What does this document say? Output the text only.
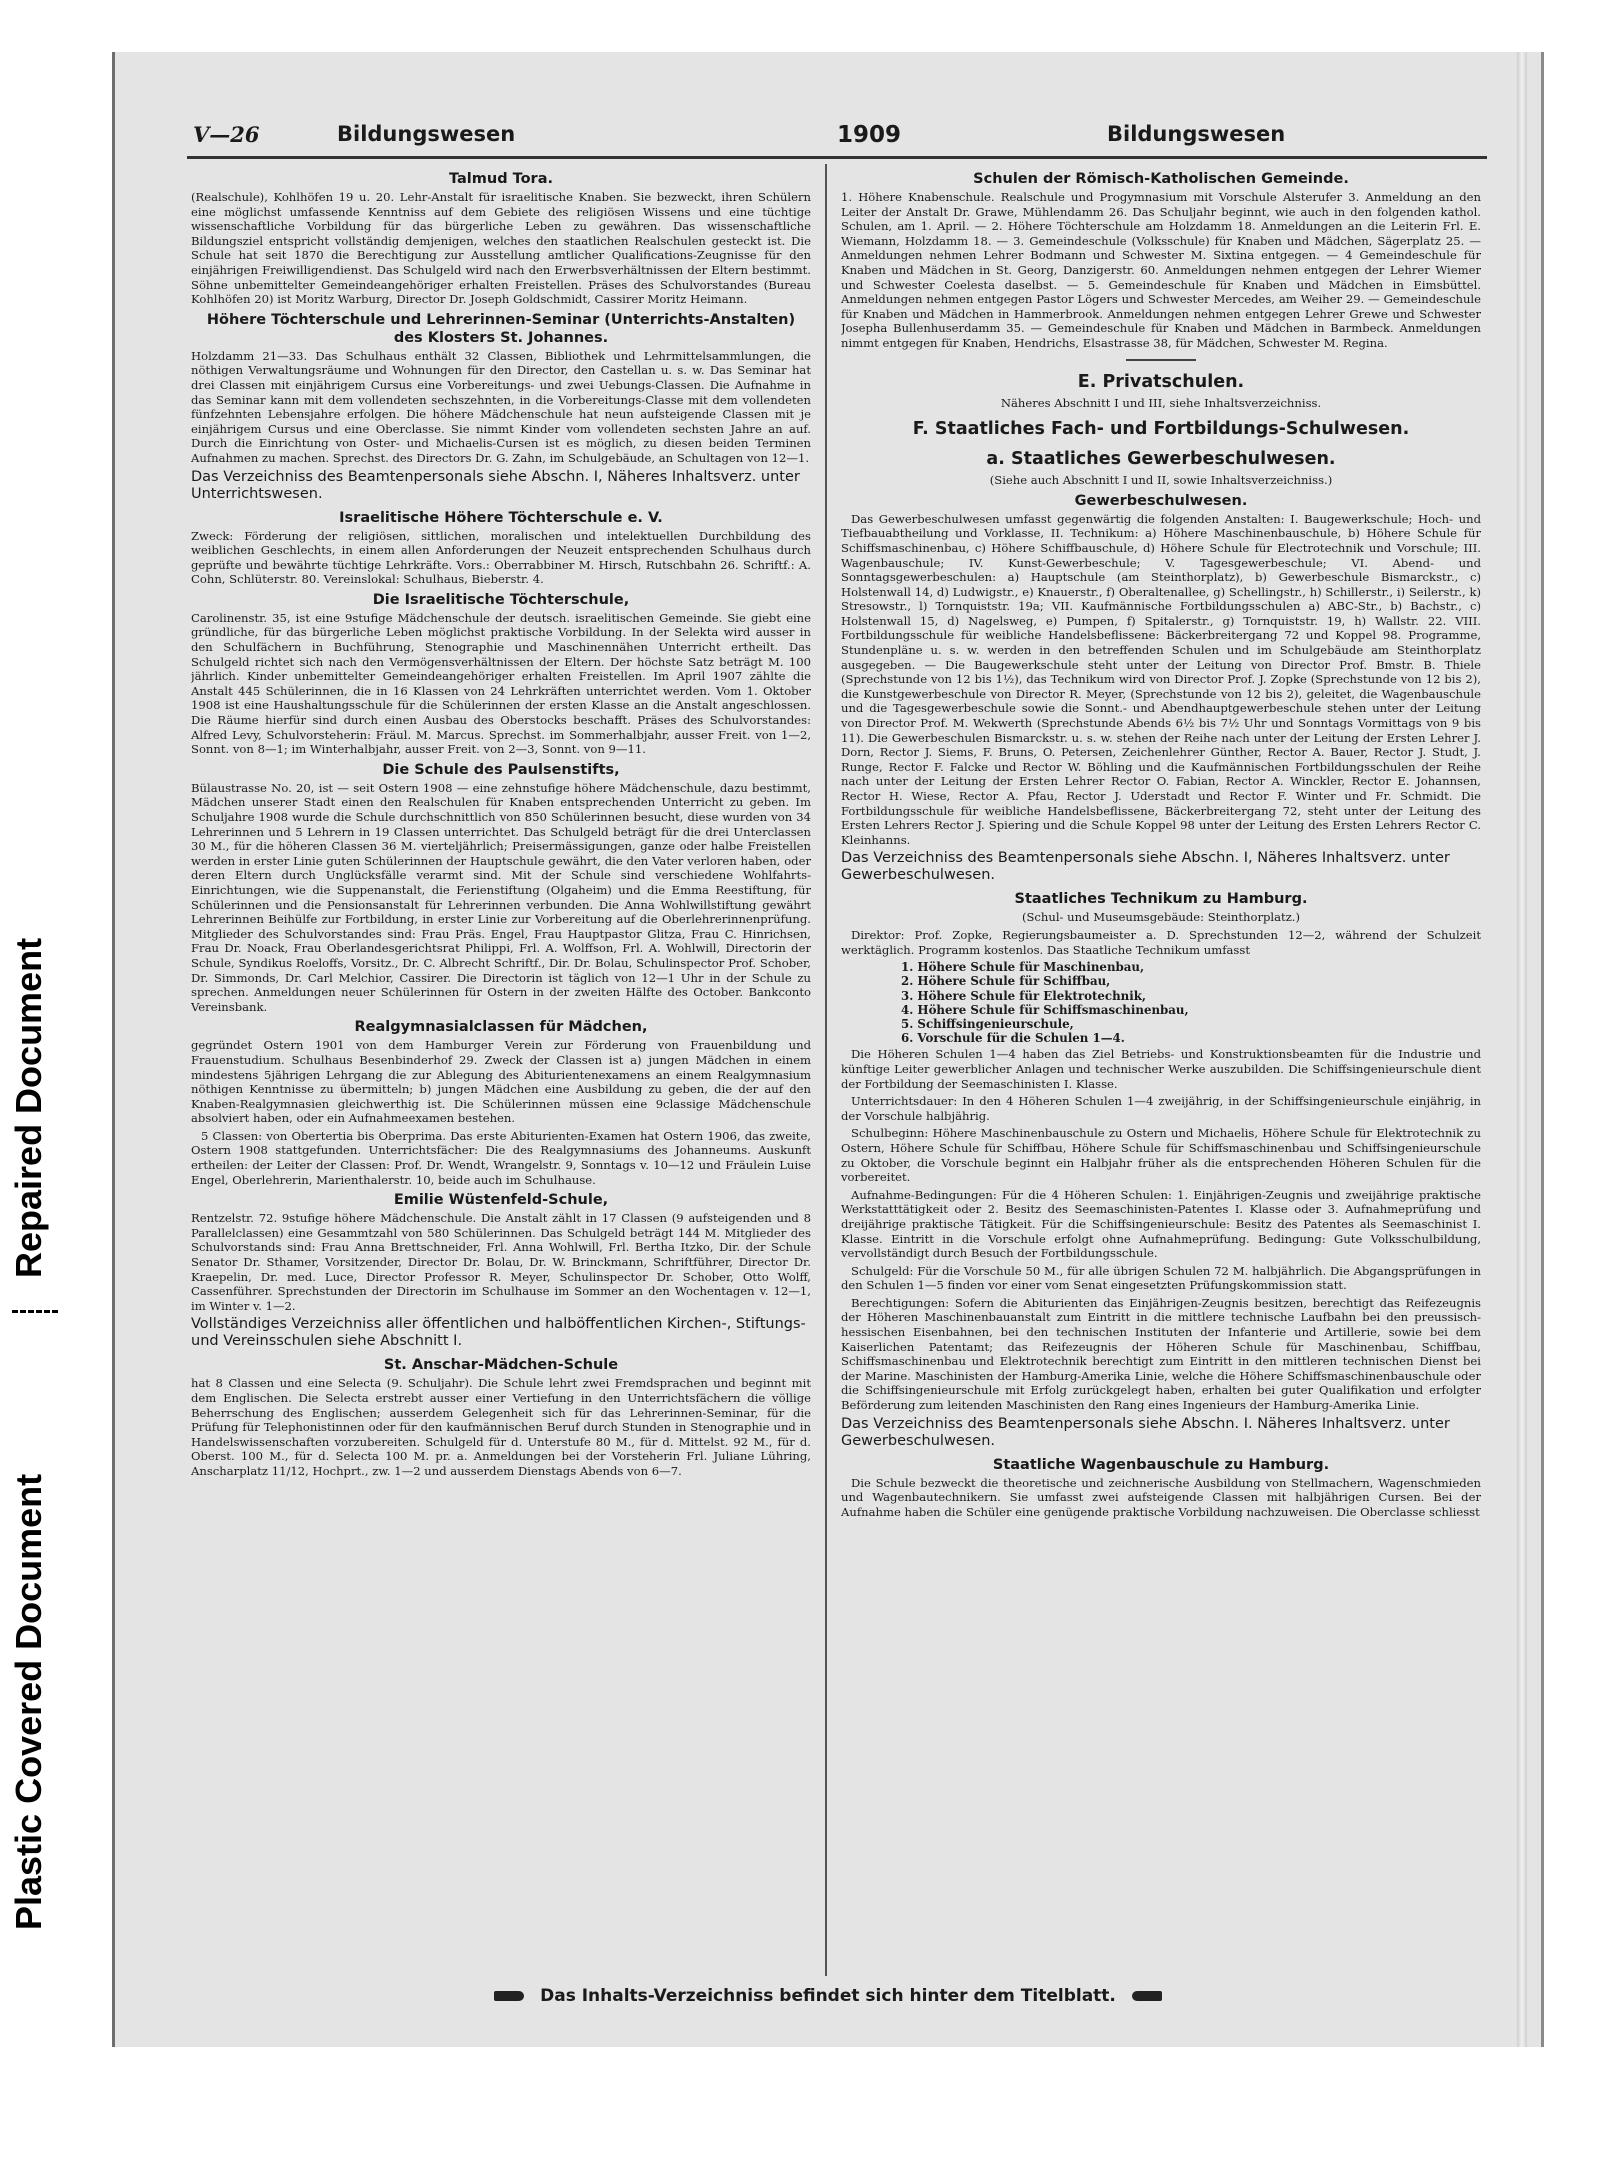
Repaired Document
Plastic Covered Document
V—26	Bildungswesen	1909	Bildungswesen
Talmud Tora.

(Realschule), Kohlhöfen 19 u. 20. Lehr-Anstalt für israelitische Knaben. Sie bezweckt, ihren Schülern eine möglichst umfassende Kenntniss auf dem Gebiete des religiösen Wissens und eine tüchtige wissenschaftliche Vorbildung für das bürgerliche Leben zu gewähren. Das wissenschaftliche Bildungsziel entspricht vollständig demjenigen, welches den staatlichen Realschulen gesteckt ist. Die Schule hat seit 1870 die Berechtigung zur Ausstellung amtlicher Qualifications-Zeugnisse für den einjährigen Freiwilligendienst. Das Schulgeld wird nach den Erwerbsverhältnissen der Eltern bestimmt. Söhne unbemittelter Gemeindeangehöriger erhalten Freistellen. Präses des Schulvorstandes (Bureau Kohlhöfen 20) ist Moritz Warburg, Director Dr. Joseph Goldschmidt, Cassirer Moritz Heimann.

Höhere Töchterschule und Lehrerinnen-Seminar (Unterrichts-Anstalten) des Klosters St. Johannes.

Holzdamm 21—33. Das Schulhaus enthält 32 Classen, Bibliothek und Lehrmittelsammlungen, die nöthigen Verwaltungsräume und Wohnungen für den Director, den Castellan u. s. w. Das Seminar hat drei Classen mit einjährigem Cursus eine Vorbereitungs- und zwei Uebungs-Classen. Die Aufnahme in das Seminar kann mit dem vollendeten sechszehnten, in die Vorbereitungs-Classe mit dem vollendeten fünfzehnten Lebensjahre erfolgen. Die höhere Mädchenschule hat neun aufsteigende Classen mit je einjährigem Cursus und eine Oberclasse. Sie nimmt Kinder vom vollendeten sechsten Jahre an auf. Durch die Einrichtung von Oster- und Michaelis-Cursen ist es möglich, zu diesen beiden Terminen Aufnahmen zu machen. Sprechst. des Directors Dr. G. Zahn, im Schulgebäude, an Schultagen von 12—1.

Das Verzeichniss des Beamtenpersonals siehe Abschn. I, Näheres Inhaltsverz. unter Unterrichtswesen.
Israelitische Höhere Töchterschule e. V.

Zweck: Förderung der religiösen, sittlichen, moralischen und intelektuellen Durchbildung des weiblichen Geschlechts, in einem allen Anforderungen der Neuzeit entsprechenden Schulhaus durch geprüfte und bewährte tüchtige Lehrkräfte. Vors.: Oberrabbiner M. Hirsch, Rutschbahn 26. Schriftf.: A. Cohn, Schlüterstr. 80. Vereinslokal: Schulhaus, Bieberstr. 4.

Die Israelitische Töchterschule,

Carolinenstr. 35, ist eine 9stufige Mädchenschule der deutsch. israelitischen Gemeinde. Sie giebt eine gründliche, für das bürgerliche Leben möglichst praktische Vorbildung. In der Selekta wird ausser in den Schulfächern in Buchführung, Stenographie und Maschinennähen Unterricht ertheilt. Das Schulgeld richtet sich nach den Vermögensverhältnissen der Eltern. Der höchste Satz beträgt M. 100 jährlich. Kinder unbemittelter Gemeindeangehöriger erhalten Freistellen. Im April 1907 zählte die Anstalt 445 Schülerinnen, die in 16 Klassen von 24 Lehrkräften unterrichtet werden. Vom 1. Oktober 1908 ist eine Haushaltungsschule für die Schülerinnen der ersten Klasse an die Anstalt angeschlossen. Die Räume hierfür sind durch einen Ausbau des Oberstocks beschafft. Präses des Schulvorstandes: Alfred Levy, Schulvorsteherin: Fräul. M. Marcus. Sprechst. im Sommerhalbjahr, ausser Freit. von 1—2, Sonnt. von 8—1; im Winterhalbjahr, ausser Freit. von 2—3, Sonnt. von 9—11.

Die Schule des Paulsenstifts,

Bülaustrasse No. 20, ist — seit Ostern 1908 — eine zehnstufige höhere Mädchenschule, dazu bestimmt, Mädchen unserer Stadt einen den Realschulen für Knaben entsprechenden Unterricht zu geben. Im Schuljahre 1908 wurde die Schule durchschnittlich von 850 Schülerinnen besucht, diese wurden von 34 Lehrerinnen und 5 Lehrern in 19 Classen unterrichtet. Das Schulgeld beträgt für die drei Unterclassen 30 M., für die höheren Classen 36 M. vierteljährlich; Preisermässigungen, ganze oder halbe Freistellen werden in erster Linie guten Schülerinnen der Hauptschule gewährt, die den Vater verloren haben, oder deren Eltern durch Unglücksfälle verarmt sind. Mit der Schule sind verschiedene Wohlfahrts-Einrichtungen, wie die Suppenanstalt, die Ferienstiftung (Olgaheim) und die Emma Reestiftung, für Schülerinnen und die Pensionsanstalt für Lehrerinnen verbunden. Die Anna Wohlwillstiftung gewährt Lehrerinnen Beihülfe zur Fortbildung, in erster Linie zur Vorbereitung auf die Oberlehrerinnenprüfung. Mitglieder des Schulvorstandes sind: Frau Präs. Engel, Frau Hauptpastor Glitza, Frau C. Hinrichsen, Frau Dr. Noack, Frau Oberlandesgerichtsrat Philippi, Frl. A. Wolffson, Frl. A. Wohlwill, Directorin der Schule, Syndikus Roeloffs, Vorsitz., Dr. C. Albrecht Schriftf., Dir. Dr. Bolau, Schulinspector Prof. Schober, Dr. Simmonds, Dr. Carl Melchior, Cassirer. Die Directorin ist täglich von 12—1 Uhr in der Schule zu sprechen. Anmeldungen neuer Schülerinnen für Ostern in der zweiten Hälfte des October. Bankconto Vereinsbank.

Realgymnasialclassen für Mädchen,

gegründet Ostern 1901 von dem Hamburger Verein zur Förderung von Frauenbildung und Frauenstudium. Schulhaus Besenbinderhof 29. Zweck der Classen ist a) jungen Mädchen in einem mindestens 5jährigen Lehrgang die zur Ablegung des Abiturientenexamens an einem Realgymnasium nöthigen Kenntnisse zu übermitteln; b) jungen Mädchen eine Ausbildung zu geben, die der auf den Knaben-Realgymnasien gleichwerthig ist. Die Schülerinnen müssen eine 9classige Mädchenschule absolviert haben, oder ein Aufnahmeexamen bestehen.

5 Classen: von Obertertia bis Oberprima. Das erste Abiturienten-Examen hat Ostern 1906, das zweite, Ostern 1908 stattgefunden. Unterrichtsfächer: Die des Realgymnasiums des Johanneums. Auskunft ertheilen: der Leiter der Classen: Prof. Dr. Wendt, Wrangelstr. 9, Sonntags v. 10—12 und Fräulein Luise Engel, Oberlehrerin, Marienthalerstr. 10, beide auch im Schulhause.

Emilie Wüstenfeld-Schule,

Rentzelstr. 72. 9stufige höhere Mädchenschule. Die Anstalt zählt in 17 Classen (9 aufsteigenden und 8 Parallelclassen) eine Gesammtzahl von 580 Schülerinnen. Das Schulgeld beträgt 144 M. Mitglieder des Schulvorstands sind: Frau Anna Brettschneider, Frl. Anna Wohlwill, Frl. Bertha Itzko, Dir. der Schule Senator Dr. Sthamer, Vorsitzender, Director Dr. Bolau, Dr. W. Brinckmann, Schriftführer, Director Dr. Kraepelin, Dr. med. Luce, Director Professor R. Meyer, Schulinspector Dr. Schober, Otto Wolff, Cassenführer. Sprechstunden der Directorin im Schulhause im Sommer an den Wochentagen v. 12—1, im Winter v. 1—2.

Vollständiges Verzeichniss aller öffentlichen und halböffentlichen Kirchen-, Stiftungs- und Vereinsschulen siehe Abschnitt I.
St. Anschar-Mädchen-Schule

hat 8 Classen und eine Selecta (9. Schuljahr). Die Schule lehrt zwei Fremdsprachen und beginnt mit dem Englischen. Die Selecta erstrebt ausser einer Vertiefung in den Unterrichtsfächern die völlige Beherrschung des Englischen; ausserdem Gelegenheit sich für das Lehrerinnen-Seminar, für die Prüfung für Telephonistinnen oder für den kaufmännischen Beruf durch Stunden in Stenographie und in Handelswissenschaften vorzubereiten. Schulgeld für d. Unterstufe 80 M., für d. Mittelst. 92 M., für d. Oberst. 100 M., für d. Selecta 100 M. pr. a. Anmeldungen bei der Vorsteherin Frl. Juliane Lühring, Anscharplatz 11/12, Hochprt., zw. 1—2 und ausserdem Dienstags Abends von 6—7.

Schulen der Römisch-Katholischen Gemeinde.

1. Höhere Knabenschule. Realschule und Progymnasium mit Vorschule Alsterufer 3. Anmeldung an den Leiter der Anstalt Dr. Grawe, Mühlendamm 26. Das Schuljahr beginnt, wie auch in den folgenden kathol. Schulen, am 1. April. — 2. Höhere Töchterschule am Holzdamm 18. Anmeldungen an die Leiterin Frl. E. Wiemann, Holzdamm 18. — 3. Gemeindeschule (Volksschule) für Knaben und Mädchen, Sägerplatz 25. — Anmeldungen nehmen Lehrer Bodmann und Schwester M. Sixtina entgegen. — 4 Gemeindeschule für Knaben und Mädchen in St. Georg, Danzigerstr. 60. Anmeldungen nehmen entgegen der Lehrer Wiemer und Schwester Coelesta daselbst. — 5. Gemeindeschule für Knaben und Mädchen in Eimsbüttel. Anmeldungen nehmen entgegen Pastor Lögers und Schwester Mercedes, am Weiher 29. — Gemeindeschule für Knaben und Mädchen in Hammerbrook. Anmeldungen nehmen entgegen Lehrer Grewe und Schwester Josepha Bullenhuserdamm 35. — Gemeindeschule für Knaben und Mädchen in Barmbeck. Anmeldungen nimmt entgegen für Knaben, Hendrichs, Elsastrasse 38, für Mädchen, Schwester M. Regina.

E. Privatschulen.

Näheres Abschnitt I und III, siehe Inhaltsverzeichniss.

F. Staatliches Fach- und Fortbildungs-Schulwesen.
a. Staatliches Gewerbeschulwesen.

(Siehe auch Abschnitt I und II, sowie Inhaltsverzeichniss.)

Gewerbeschulwesen.

Das Gewerbeschulwesen umfasst gegenwärtig die folgenden Anstalten: I. Baugewerkschule; Hoch- und Tiefbauabtheilung und Vorklasse, II. Technikum: a) Höhere Maschinenbauschule, b) Höhere Schule für Schiffsmaschinenbau, c) Höhere Schiffbauschule, d) Höhere Schule für Electrotechnik und Vorschule; III. Wagenbauschule; IV. Kunst-Gewerbeschule; V. Tagesgewerbeschule; VI. Abend- und Sonntagsgewerbeschulen: a) Hauptschule (am Steinthorplatz), b) Gewerbeschule Bismarckstr., c) Holstenwall 14, d) Ludwigstr., e) Knauerstr., f) Oberaltenallee, g) Schellingstr., h) Schillerstr., i) Seilerstr., k) Stresowstr., l) Tornquiststr. 19a; VII. Kaufmännische Fortbildungsschulen a) ABC-Str., b) Bachstr., c) Holstenwall 15, d) Nagelsweg, e) Pumpen, f) Spitalerstr., g) Tornquiststr. 19, h) Wallstr. 22. VIII. Fortbildungsschule für weibliche Handelsbeflissene: Bäckerbreitergang 72 und Koppel 98. Programme, Stundenpläne u. s. w. werden in den betreffenden Schulen und im Schulgebäude am Steinthorplatz ausgegeben. — Die Baugewerkschule steht unter der Leitung von Director Prof. Bmstr. B. Thiele (Sprechstunde von 12 bis 1½), das Technikum wird von Director Prof. J. Zopke (Sprechstunde von 12 bis 2), die Kunstgewerbeschule von Director R. Meyer, (Sprechstunde von 12 bis 2), geleitet, die Wagenbauschule und die Tagesgewerbeschule sowie die Sonnt.- und Abendhauptgewerbeschule stehen unter der Leitung von Director Prof. M. Wekwerth (Sprechstunde Abends 6½ bis 7½ Uhr und Sonntags Vormittags von 9 bis 11). Die Gewerbeschulen Bismarckstr. u. s. w. stehen der Reihe nach unter der Leitung der Ersten Lehrer J. Dorn, Rector J. Siems, F. Bruns, O. Petersen, Zeichenlehrer Günther, Rector A. Bauer, Rector J. Studt, J. Runge, Rector F. Falcke und Rector W. Böhling und die Kaufmännischen Fortbildungsschulen der Reihe nach unter der Leitung der Ersten Lehrer Rector O. Fabian, Rector A. Winckler, Rector E. Johannsen, Rector H. Wiese, Rector A. Pfau, Rector J. Uderstadt und Rector F. Winter und Fr. Schmidt. Die Fortbildungsschule für weibliche Handelsbeflissene, Bäckerbreitergang 72, steht unter der Leitung des Ersten Lehrers Rector J. Spiering und die Schule Koppel 98 unter der Leitung des Ersten Lehrers Rector C. Kleinhanns.

Das Verzeichniss des Beamtenpersonals siehe Abschn. I, Näheres Inhaltsverz. unter Gewerbeschulwesen.
Staatliches Technikum zu Hamburg.

(Schul- und Museumsgebäude: Steinthorplatz.)

Direktor: Prof. Zopke, Regierungsbaumeister a. D. Sprechstunden 12—2, während der Schulzeit werktäglich. Programm kostenlos. Das Staatliche Technikum umfasst

1. Höhere Schule für Maschinenbau,
2. Höhere Schule für Schiffbau,
3. Höhere Schule für Elektrotechnik,
4. Höhere Schule für Schiffsmaschinenbau,
5. Schiffsingenieurschule,
6. Vorschule für die Schulen 1—4.

Die Höheren Schulen 1—4 haben das Ziel Betriebs- und Konstruktionsbeamten für die Industrie und künftige Leiter gewerblicher Anlagen und technischer Werke auszubilden. Die Schiffsingenieurschule dient der Fortbildung der Seemaschinisten I. Klasse.

Unterrichtsdauer: In den 4 Höheren Schulen 1—4 zweijährig, in der Schiffsingenieurschule einjährig, in der Vorschule halbjährig.

Schulbeginn: Höhere Maschinenbauschule zu Ostern und Michaelis, Höhere Schule für Elektrotechnik zu Ostern, Höhere Schule für Schiffbau, Höhere Schule für Schiffsmaschinenbau und Schiffsingenieurschule zu Oktober, die Vorschule beginnt ein Halbjahr früher als die entsprechenden Höheren Schulen für die vorbereitet.

Aufnahme-Bedingungen: Für die 4 Höheren Schulen: 1. Einjährigen-Zeugnis und zweijährige praktische Werkstatttätigkeit oder 2. Besitz des Seemaschinisten-Patentes I. Klasse oder 3. Aufnahmeprüfung und dreijährige praktische Tätigkeit. Für die Schiffsingenieurschule: Besitz des Patentes als Seemaschinist I. Klasse. Eintritt in die Vorschule erfolgt ohne Aufnahmeprüfung. Bedingung: Gute Volksschulbildung, vervollständigt durch Besuch der Fortbildungsschule.

Schulgeld: Für die Vorschule 50 M., für alle übrigen Schulen 72 M. halbjährlich. Die Abgangsprüfungen in den Schulen 1—5 finden vor einer vom Senat eingesetzten Prüfungskommission statt.

Berechtigungen: Sofern die Abiturienten das Einjährigen-Zeugnis besitzen, berechtigt das Reifezeugnis der Höheren Maschinenbauanstalt zum Eintritt in die mittlere technische Laufbahn bei den preussisch-hessischen Eisenbahnen, bei den technischen Instituten der Infanterie und Artillerie, sowie bei dem Kaiserlichen Patentamt; das Reifezeugnis der Höheren Schule für Maschinenbau, Schiffbau, Schiffsmaschinenbau und Elektrotechnik berechtigt zum Eintritt in den mittleren technischen Dienst bei der Marine. Maschinisten der Hamburg-Amerika Linie, welche die Höhere Schiffsmaschinenbauschule oder die Schiffsingenieurschule mit Erfolg zurückgelegt haben, erhalten bei guter Qualifikation und erfolgter Beförderung zum leitenden Maschinisten den Rang eines Ingenieurs der Hamburg-Amerika Linie.

Das Verzeichniss des Beamtenpersonals siehe Abschn. I. Näheres Inhaltsverz. unter Gewerbeschulwesen.
Staatliche Wagenbauschule zu Hamburg.

Die Schule bezweckt die theoretische und zeichnerische Ausbildung von Stellmachern, Wagenschmieden und Wagenbautechnikern. Sie umfasst zwei aufsteigende Classen mit halbjährigen Cursen. Bei der Aufnahme haben die Schüler eine genügende praktische Vorbildung nachzuweisen. Die Oberclasse schliesst

Das Inhalts-Verzeichniss befindet sich hinter dem Titelblatt.
